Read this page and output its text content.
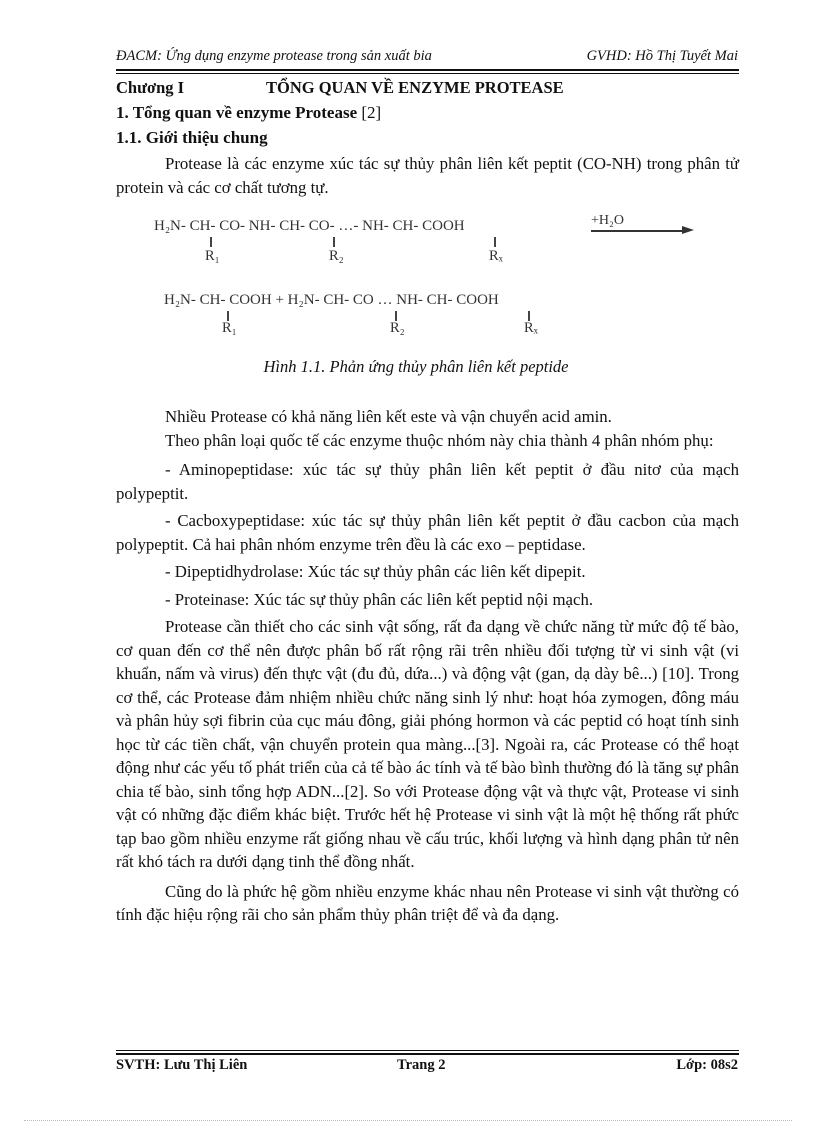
ĐACM: Ứng dụng enzyme protease trong sản xuất bia	GVHD: Hồ Thị Tuyết Mai
Chương I	TỔNG QUAN VỀ ENZYME PROTEASE
1. Tổng quan về enzyme Protease [2]
1.1. Giới thiệu chung

Protease là các enzyme xúc tác sự thủy phân liên kết peptit (CO-NH) trong phân tử protein và các cơ chất tương tự.

H₂N- CH- CO- NH- CH- CO- …- NH- CH- COOH
R₁	R₂	Rₓ
+H₂O
H₂N- CH- COOH + H₂N- CH- CO … NH- CH- COOH
R₁	R₂	Rₓ
Hình 1.1. Phản ứng thủy phân liên kết peptide

Nhiều Protease có khả năng liên kết este và vận chuyển acid amin.

Theo phân loại quốc tế các enzyme thuộc nhóm này chia thành 4 phân nhóm phụ:

- Aminopeptidase: xúc tác sự thủy phân liên kết peptit ở đầu nitơ của mạch polypeptit.

- Cacboxypeptidase: xúc tác sự thủy phân liên kết peptit ở đầu cacbon của mạch polypeptit. Cả hai phân nhóm enzyme trên đều là các exo – peptidase.

- Dipeptidhydrolase: Xúc tác sự thủy phân các liên kết dipepit.

- Proteinase: Xúc tác sự thủy phân các liên kết peptid nội mạch.

Protease cần thiết cho các sinh vật sống, rất đa dạng về chức năng từ mức độ tế bào, cơ quan đến cơ thể nên được phân bố rất rộng rãi trên nhiều đối tượng từ vi sinh vật (vi khuẩn, nấm và virus) đến thực vật (đu đủ, dứa...) và động vật (gan, dạ dày bê...) [10]. Trong cơ thể, các Protease đảm nhiệm nhiều chức năng sinh lý như: hoạt hóa zymogen, đông máu và phân hủy sợi fibrin của cục máu đông, giải phóng hormon và các peptid có hoạt tính sinh học từ các tiền chất, vận chuyển protein qua màng...[3]. Ngoài ra, các Protease có thể hoạt động như các yếu tố phát triển của cả tế bào ác tính và tế bào bình thường đó là tăng sự phân chia tế bào, sinh tổng hợp ADN...[2]. So với Protease động vật và thực vật, Protease vi sinh vật có những đặc điểm khác biệt. Trước hết hệ Protease vi sinh vật là một hệ thống rất phức tạp bao gồm nhiều enzyme rất giống nhau về cấu trúc, khối lượng và hình dạng phân tử nên rất khó tách ra dưới dạng tinh thể đồng nhất.

Cũng do là phức hệ gồm nhiều enzyme khác nhau nên Protease vi sinh vật thường có tính đặc hiệu rộng rãi cho sản phẩm thủy phân triệt để và đa dạng.

SVTH: Lưu Thị Liên	Trang 2	Lớp: 08s2
